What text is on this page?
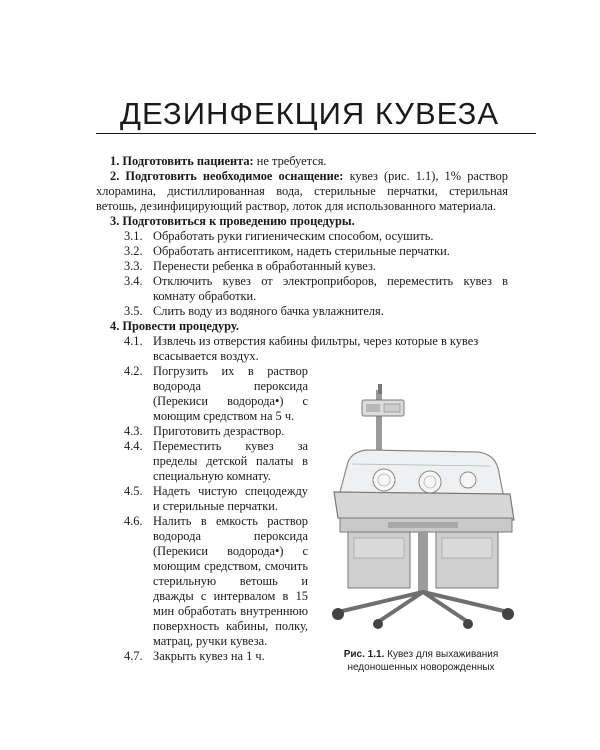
ДЕЗИНФЕКЦИЯ КУВЕЗА

1. Подготовить пациента: не требуется.

2. Подготовить необходимое оснащение: кувез (рис. 1.1), 1% раствор хлорамина, дистиллированная вода, стерильные перчатки, стерильная ветошь, дезинфицирующий раствор, лоток для использованного материала.

3. Подготовиться к проведению процедуры.

3.1. Обработать руки гигиеническим способом, осушить.

3.2. Обработать антисептиком, надеть стерильные перчатки.

3.3. Перенести ребенка в обработанный кувез.

3.4. Отключить кувез от электроприборов, переместить кувез в комнату обработки.

3.5. Слить воду из водяного бачка увлажнителя.

4. Провести процедуру.

4.1. Извлечь из отверстия кабины фильтры, через которые в кувез всасывается воздух.

4.2. Погрузить их в раствор водорода пероксида (Перекиси водорода•) с моющим средством на 5 ч.

4.3. Приготовить дезраствор.

4.4. Переместить кувез за пределы детской палаты в специальную комнату.

4.5. Надеть чистую спецодежду и стерильные перчатки.

4.6. Налить в емкость раствор водорода пероксида (Перекиси водорода•) с моющим средством, смочить стерильную ветошь и дважды с интервалом в 15 мин обработать внутреннюю поверхность кабины, полку, матрац, ручки кувеза.

4.7. Закрыть кувез на 1 ч.	Рис. 1.1. Кувез для выхаживания недоношенных новорожденных
